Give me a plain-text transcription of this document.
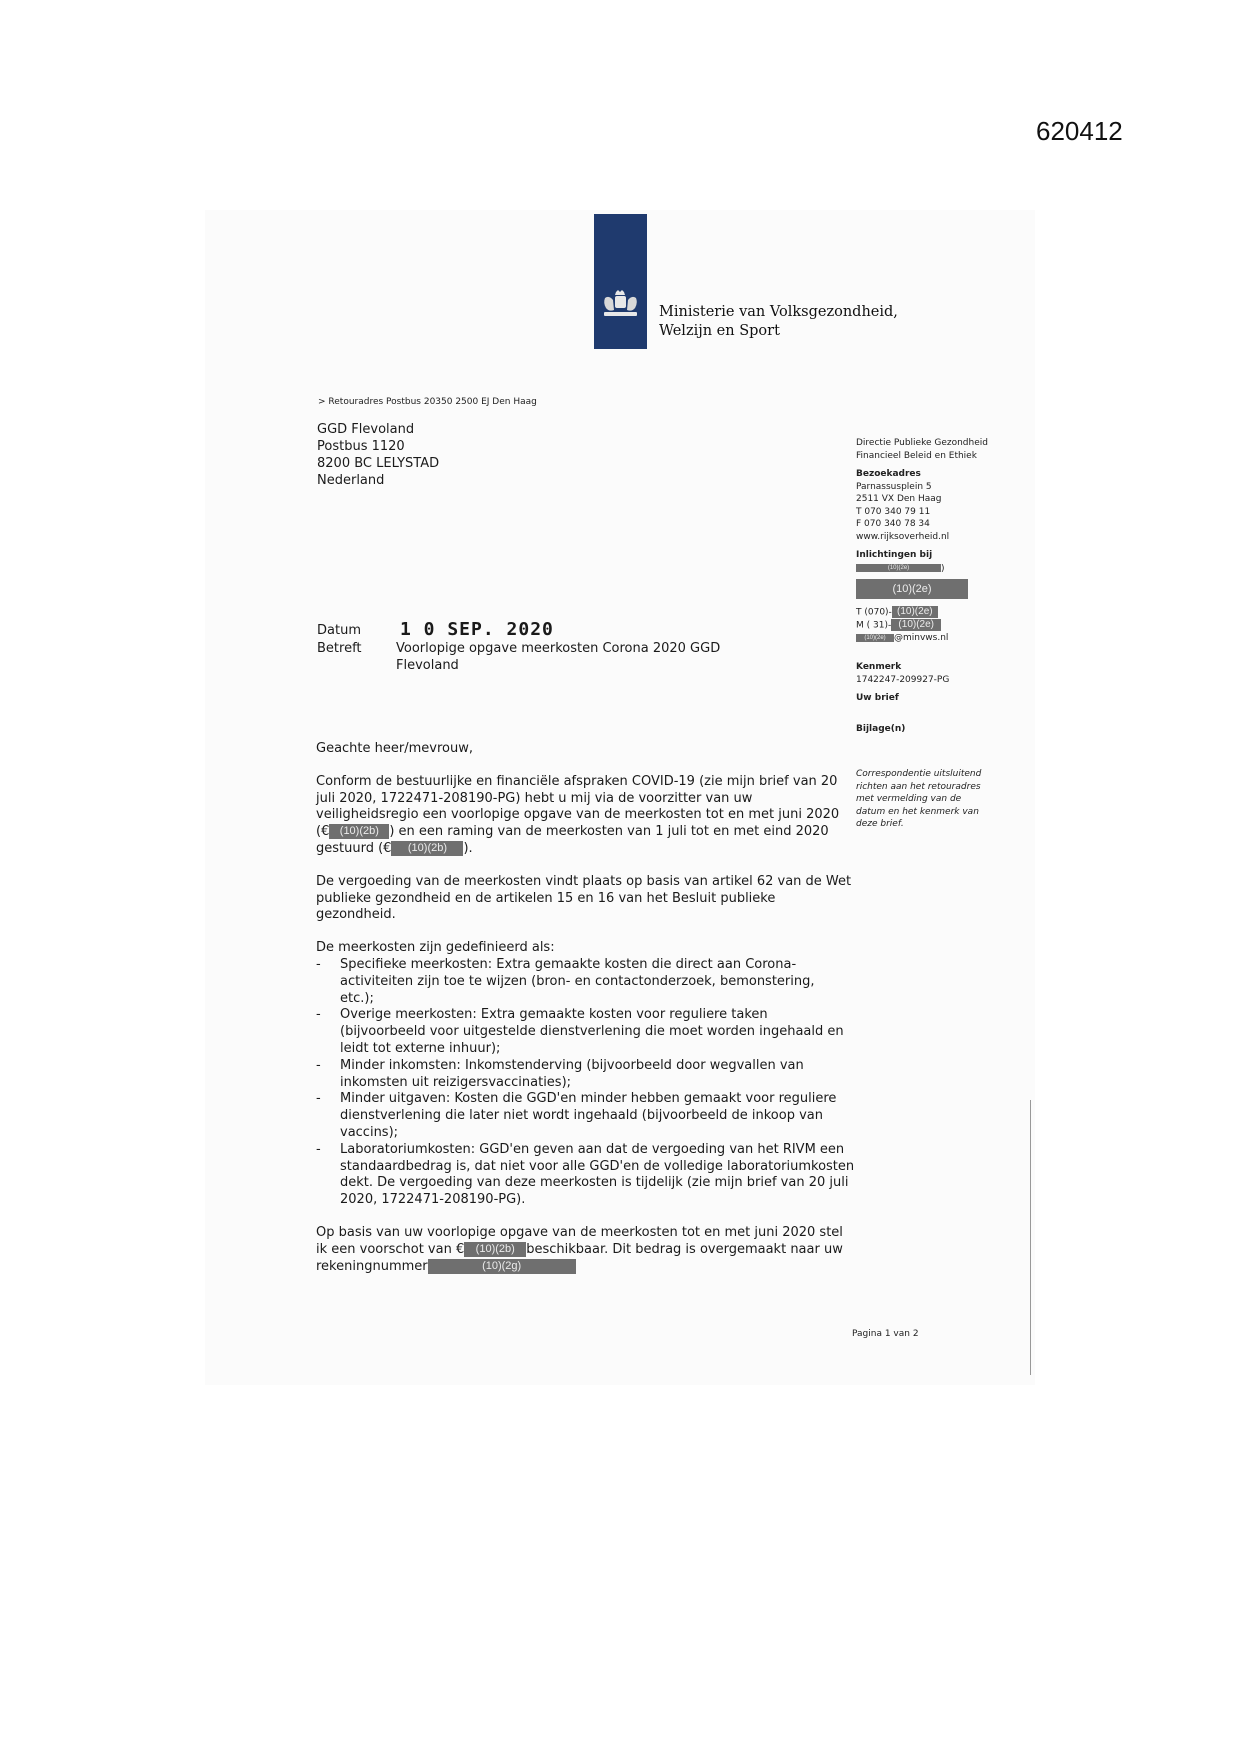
620412
Ministerie van Volksgezondheid,
Welzijn en Sport
> Retouradres Postbus 20350 2500 EJ Den Haag
GGD Flevoland
Postbus 1120
8200 BC LELYSTAD
Nederland
Directie Publieke Gezondheid
Financieel Beleid en Ethiek
Bezoekadres
Parnassusplein 5
2511 VX Den Haag
T 070 340 79 11
F 070 340 78 34
www.rijksoverheid.nl
Inlichtingen bij
(10)(2e)	)
(10)(2e)
T (070)- (10)(2e)
M ( 31)- (10)(2e)
(10)(2e) @minvws.nl
Kenmerk
1742247-209927-PG
Uw brief
Bijlage(n)
Correspondentie uitsluitend
richten aan het retouradres
met vermelding van de
datum en het kenmerk van
deze brief.
Datum
Betreft
1 0 SEP. 2020
Voorlopige opgave meerkosten Corona 2020 GGD
Flevoland

Geachte heer/mevrouw,

Conform de bestuurlijke en financiële afspraken COVID-19 (zie mijn brief van 20
juli 2020, 1722471-208190-PG) hebt u mij via de voorzitter van uw
veiligheidsregio een voorlopige opgave van de meerkosten tot en met juni 2020
(€ (10)(2b) ) en een raming van de meerkosten van 1 juli tot en met eind 2020
gestuurd (€ (10)(2b) ).
De vergoeding van de meerkosten vindt plaats op basis van artikel 62 van de Wet
publieke gezondheid en de artikelen 15 en 16 van het Besluit publieke
gezondheid.
De meerkosten zijn gedefinieerd als:
- Specifieke meerkosten: Extra gemaakte kosten die direct aan Corona-
activiteiten zijn toe te wijzen (bron- en contactonderzoek, bemonstering,
etc.);
- Overige meerkosten: Extra gemaakte kosten voor reguliere taken
(bijvoorbeeld voor uitgestelde dienstverlening die moet worden ingehaald en
leidt tot externe inhuur);
- Minder inkomsten: Inkomstenderving (bijvoorbeeld door wegvallen van
inkomsten uit reizigersvaccinaties);
- Minder uitgaven: Kosten die GGD'en minder hebben gemaakt voor reguliere
dienstverlening die later niet wordt ingehaald (bijvoorbeeld de inkoop van
vaccins);
- Laboratoriumkosten: GGD'en geven aan dat de vergoeding van het RIVM een
standaardbedrag is, dat niet voor alle GGD'en de volledige laboratoriumkosten
dekt. De vergoeding van deze meerkosten is tijdelijk (zie mijn brief van 20 juli
2020, 1722471-208190-PG).
Op basis van uw voorlopige opgave van de meerkosten tot en met juni 2020 stel
ik een voorschot van € (10)(2b) beschikbaar. Dit bedrag is overgemaakt naar uw
rekeningnummer	(10)(2g)
Pagina 1 van 2
